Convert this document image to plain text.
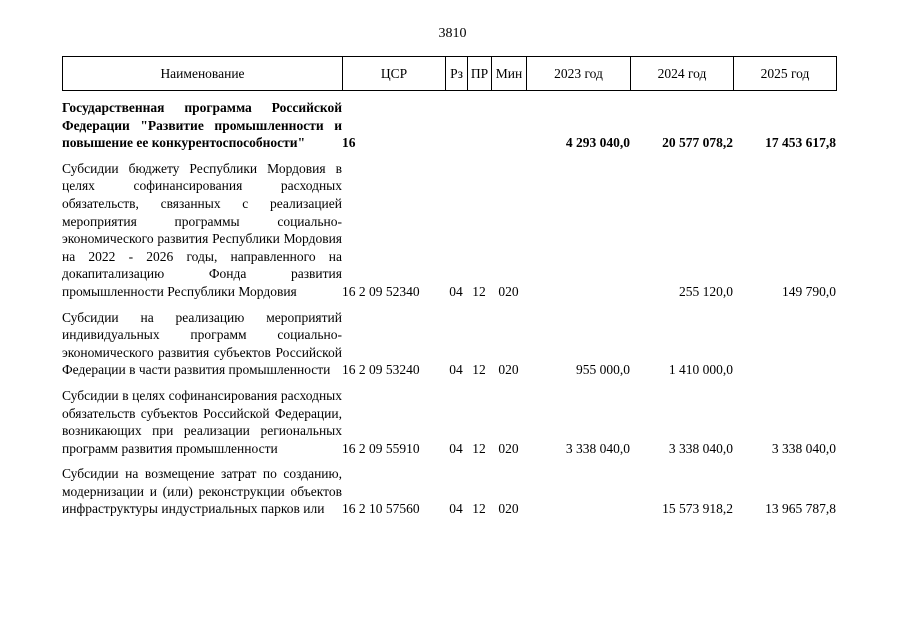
3810
Наименование	ЦСР	Рз	ПР	Мин	2023 год	2024 год	2025 год
Государственная программа Российской Федерации "Развитие промышленности и повышение ее конкурентоспособности"	16				4 293 040,0	20 577 078,2	17 453 617,8
Субсидии бюджету Республики Мордовия в целях софинансирования расходных обязательств, связанных с реализацией мероприятия программы социально-экономического развития Республики Мордовия на 2022 - 2026 годы, направленного на докапитализацию Фонда развития промышленности Республики Мордовия	16 2 09 52340	04	12	020		255 120,0	149 790,0
Субсидии на реализацию мероприятий индивидуальных программ социально-экономического развития субъектов Российской Федерации в части развития промышленности	16 2 09 53240	04	12	020	955 000,0	1 410 000,0	
Субсидии в целях софинансирования расходных обязательств субъектов Российской Федерации, возникающих при реализации региональных программ развития промышленности	16 2 09 55910	04	12	020	3 338 040,0	3 338 040,0	3 338 040,0
Субсидии на возмещение затрат по созданию, модернизации и (или) реконструкции объектов инфраструктуры индустриальных парков или	16 2 10 57560	04	12	020		15 573 918,2	13 965 787,8
